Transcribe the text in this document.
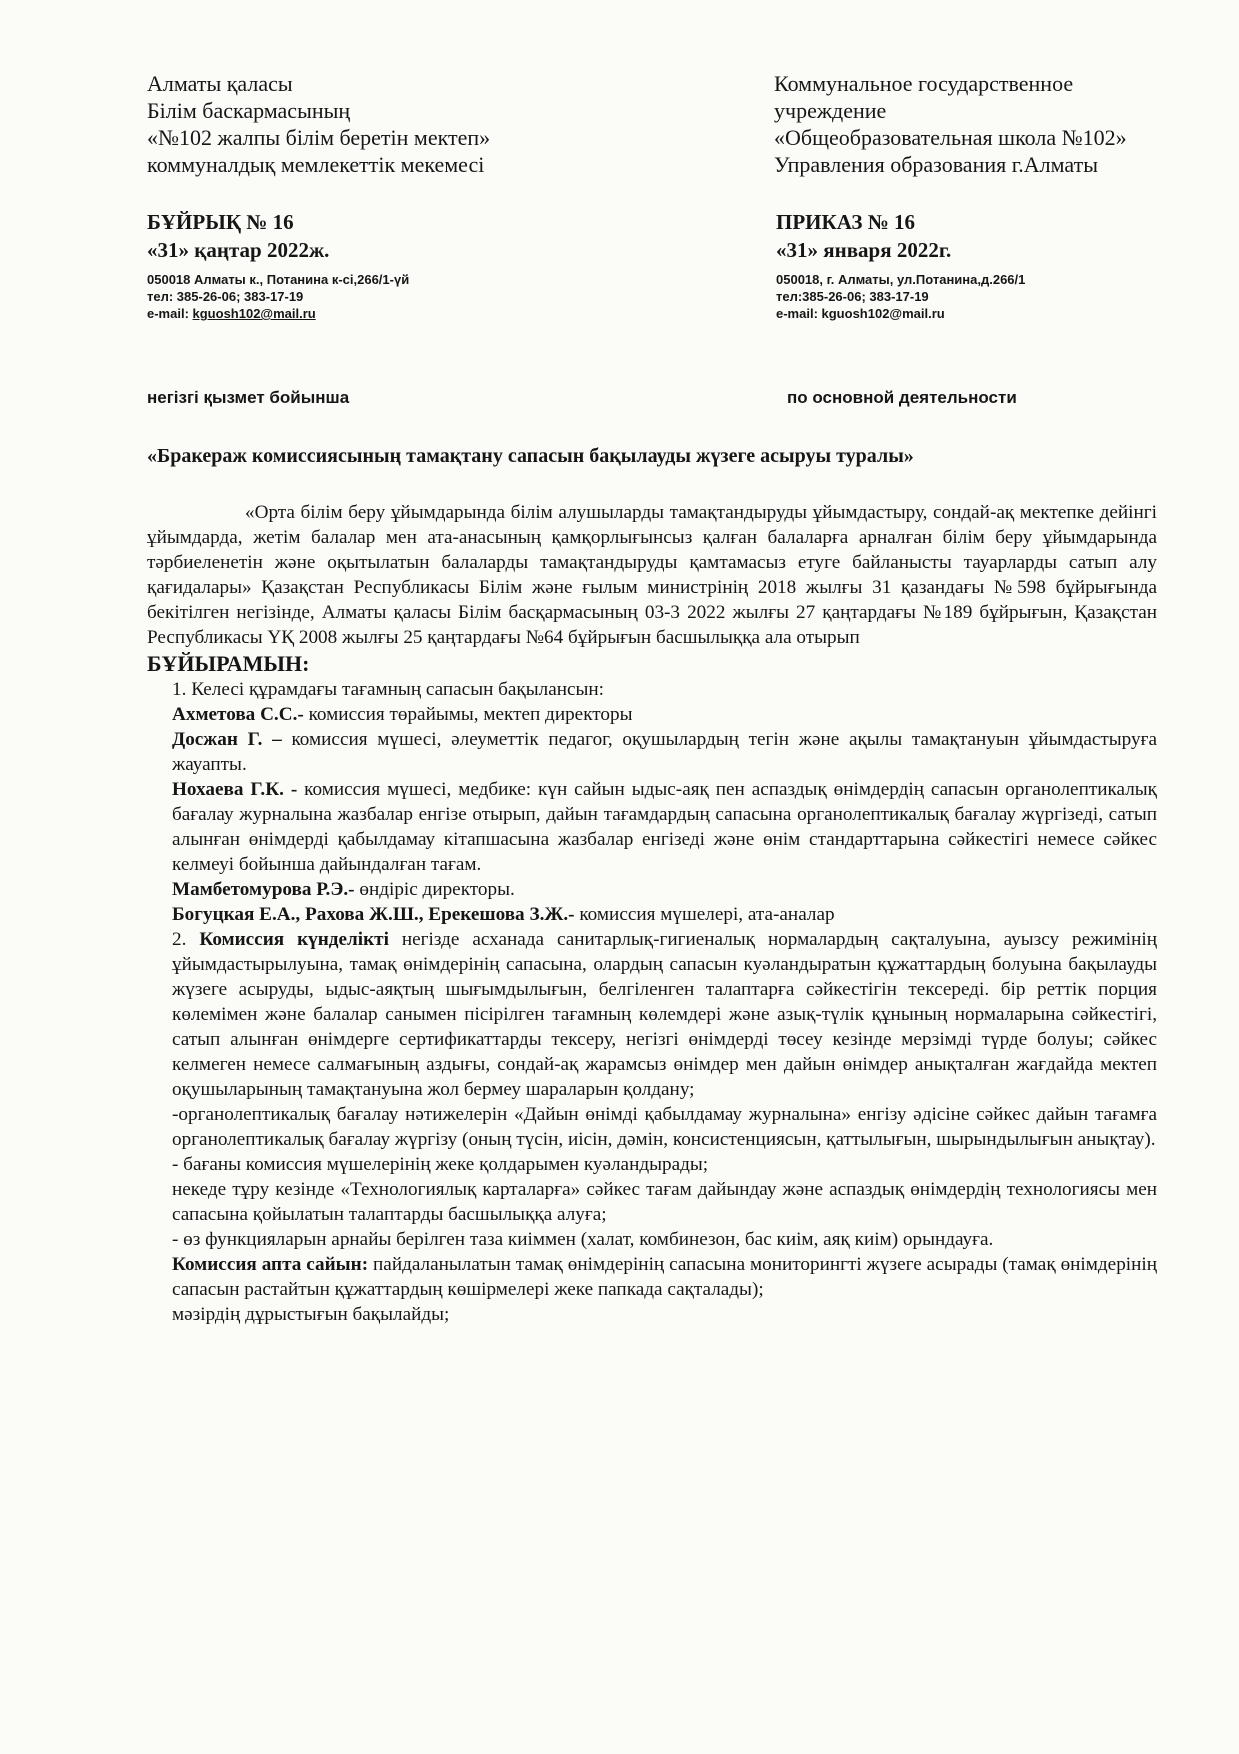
Алматы қаласы
Білім баскармасының
«№102 жалпы білім беретін мектеп»
коммуналдық мемлекеттік мекемесі
Коммунальное государственное
учреждение
«Общеобразовательная школа №102»
Управления образования г.Алматы
БҰЙРЫҚ № 16
«31» қаңтар 2022ж.
ПРИКАЗ № 16
«31» января 2022г.
050018 Алматы к., Потанина к-сі,266/1-үй
тел: 385-26-06; 383-17-19
e-mail: kguosh102@mail.ru
050018, г. Алматы, ул.Потанина,д.266/1
тел:385-26-06; 383-17-19
e-mail: kguosh102@mail.ru
негізгі қызмет бойынша	по основной деятельности
«Бракераж комиссиясының тамақтану сапасын бақылауды жүзеге асыруы туралы»

«Орта білім беру ұйымдарында білім алушыларды тамақтандыруды ұйымдастыру, сондай-ақ мектепке дейінгі ұйымдарда, жетім балалар мен ата-анасының қамқорлығынсыз қалған балаларға арналған білім беру ұйымдарында тәрбиеленетін және оқытылатын балаларды тамақтандыруды қамтамасыз етуге байланысты тауарларды сатып алу қағидалары» Қазақстан Республикасы Білім және ғылым министрінің 2018 жылғы 31 қазандағы №598 бұйрығында бекітілген негізінде, Алматы қаласы Білім басқармасының 03-3 2022 жылғы 27 қаңтардағы №189 бұйрығын, Қазақстан Республикасы ҮҚ 2008 жылғы 25 қаңтардағы №64 бұйрығын басшылыққа ала отырып

БҰЙЫРАМЫН:

1. Келесі құрамдағы тағамның сапасын бақылансын:

Ахметова С.С.- комиссия төрайымы, мектеп директоры

Досжан Г. – комиссия мүшесі, әлеуметтік педагог, оқушылардың тегін және ақылы тамақтануын ұйымдастыруға жауапты.

Нохаева Г.К. - комиссия мүшесі, медбике: күн сайын ыдыс-аяқ пен аспаздық өнімдердің сапасын органолептикалық бағалау журналына жазбалар енгізе отырып, дайын тағамдардың сапасына органолептикалық бағалау жүргізеді, сатып алынған өнімдерді қабылдамау кітапшасына жазбалар енгізеді және өнім стандарттарына сәйкестігі немесе сәйкес келмеуі бойынша дайындалған тағам.

Мамбетомурова Р.Э.- өндіріс директоры.

Богуцкая Е.А., Рахова Ж.Ш., Ерекешова З.Ж.- комиссия мүшелері, ата-аналар

2. Комиссия күнделікті негізде асханада санитарлық-гигиеналық нормалардың сақталуына, ауызсу режимінің ұйымдастырылуына, тамақ өнімдерінің сапасына, олардың сапасын куәландыратын құжаттардың болуына бақылауды жүзеге асыруды, ыдыс-аяқтың шығымдылығын, белгіленген талаптарға сәйкестігін тексереді. бір реттік порция көлемімен және балалар санымен пісірілген тағамның көлемдері және азық-түлік құнының нормаларына сәйкестігі, сатып алынған өнімдерге сертификаттарды тексеру, негізгі өнімдерді төсеу кезінде мерзімді түрде болуы; сәйкес келмеген немесе салмағының аздығы, сондай-ақ жарамсыз өнімдер мен дайын өнімдер анықталған жағдайда мектеп оқушыларының тамақтануына жол бермеу шараларын қолдану;

-органолептикалық бағалау нәтижелерін «Дайын өнімді қабылдамау журналына» енгізу әдісіне сәйкес дайын тағамға органолептикалық бағалау жүргізу (оның түсін, иісін, дәмін, консистенциясын, қаттылығын, шырындылығын анықтау).

- бағаны комиссия мүшелерінің жеке қолдарымен куәландырады;

некеде тұру кезінде «Технологиялық карталарға» сәйкес тағам дайындау және аспаздық өнімдердің технологиясы мен сапасына қойылатын талаптарды басшылыққа алуға;

- өз функцияларын арнайы берілген таза киіммен (халат, комбинезон, бас киім, аяқ киім) орындауға.

Комиссия апта сайын: пайдаланылатын тамақ өнімдерінің сапасына мониторингті жүзеге асырады (тамақ өнімдерінің сапасын растайтын құжаттардың көшірмелері жеке папкада сақталады);

мәзірдің дұрыстығын бақылайды;
